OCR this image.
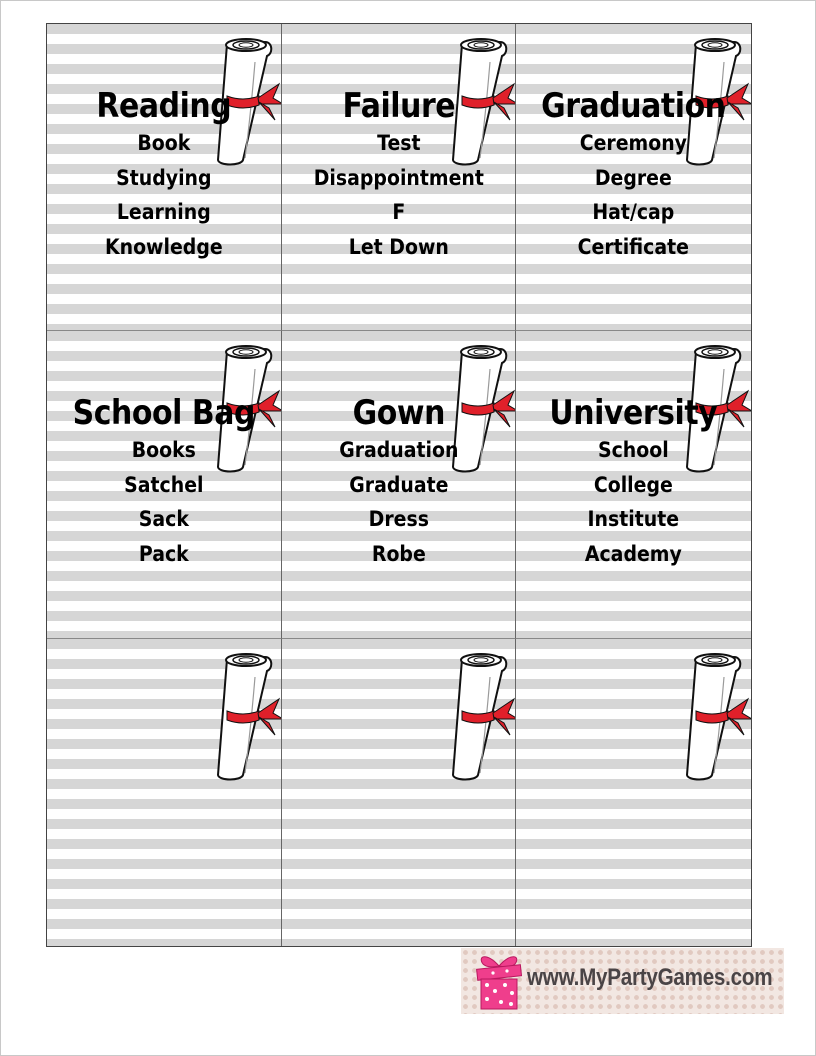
Reading
Book
Studying
Learning
Knowledge
Failure
Test
Disappointment
F
Let Down
Graduation
Ceremony
Degree
Hat/cap
Certificate
School Bag
Books
Satchel
Sack
Pack
Gown
Graduation
Graduate
Dress
Robe
University
School
College
Institute
Academy
www.MyPartyGames.com
